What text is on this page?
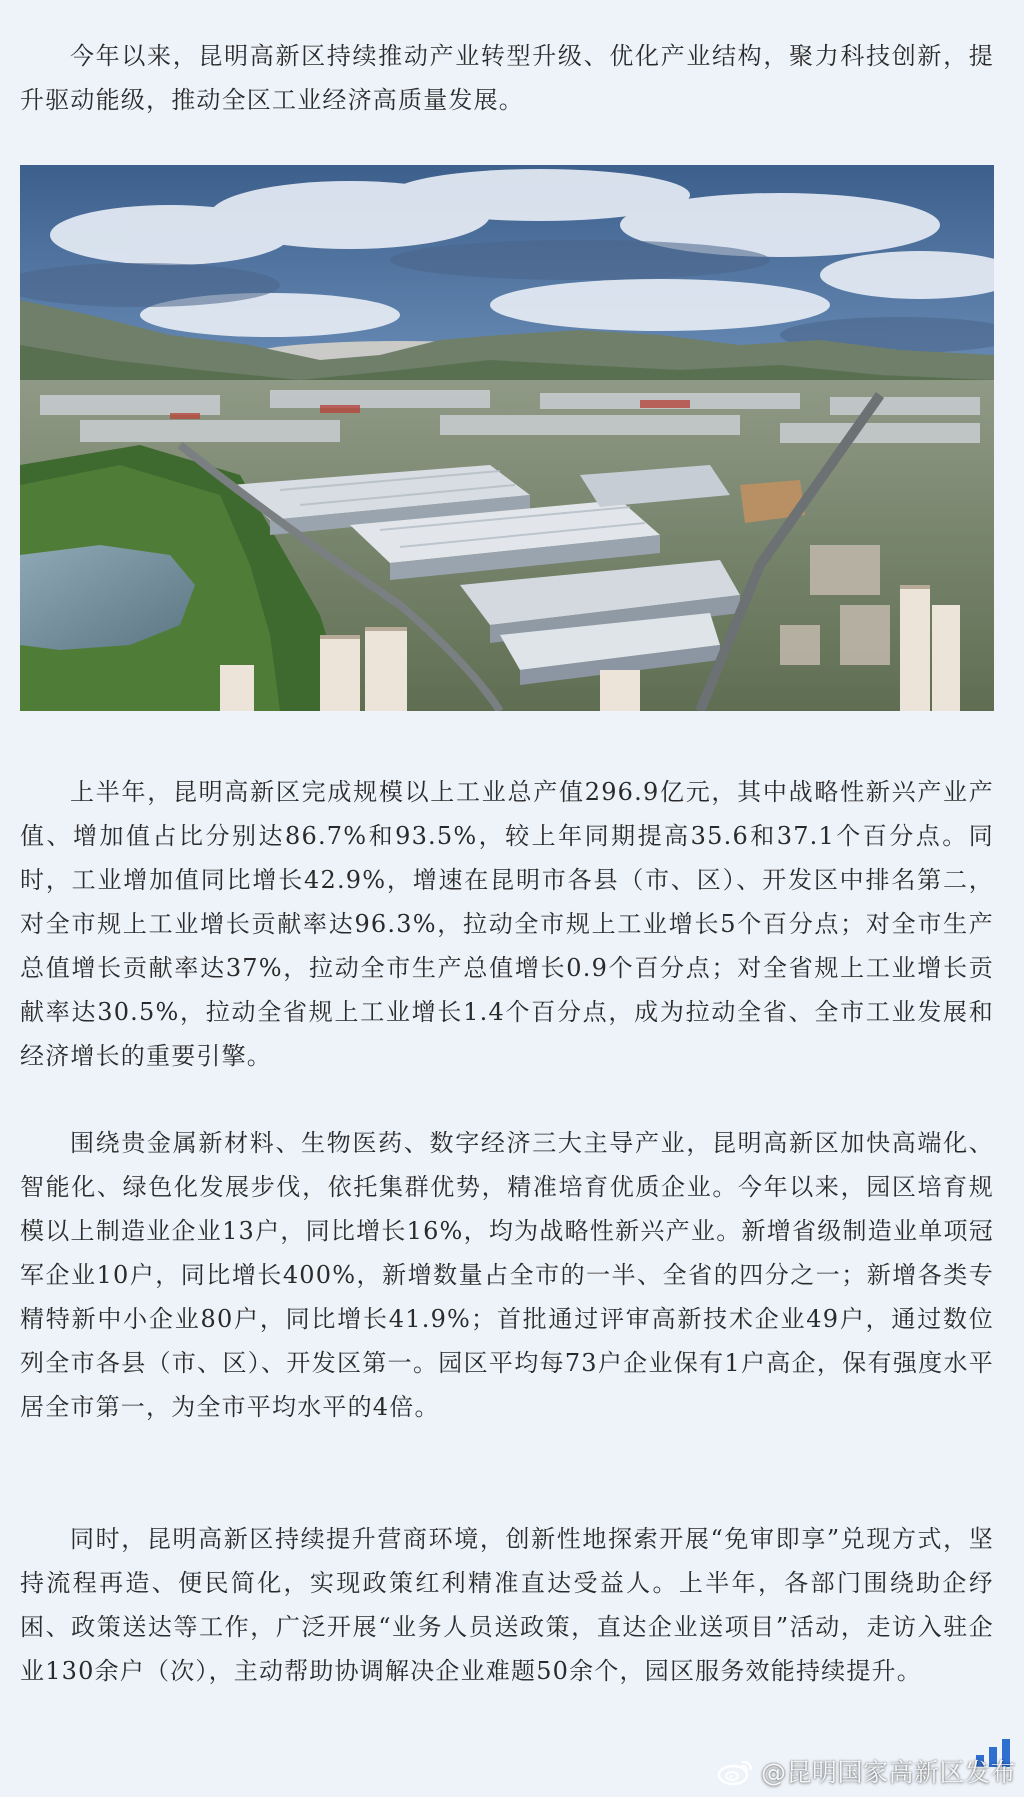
今年以来，昆明高新区持续推动产业转型升级、优化产业结构，聚力科技创新，提升驱动能级，推动全区工业经济高质量发展。

上半年，昆明高新区完成规模以上工业总产值296.9亿元，其中战略性新兴产业产值、增加值占比分别达86.7%和93.5%，较上年同期提高35.6和37.1个百分点。同时，工业增加值同比增长42.9%，增速在昆明市各县（市、区）、开发区中排名第二，对全市规上工业增长贡献率达96.3%，拉动全市规上工业增长5个百分点；对全市生产总值增长贡献率达37%，拉动全市生产总值增长0.9个百分点；对全省规上工业增长贡献率达30.5%，拉动全省规上工业增长1.4个百分点，成为拉动全省、全市工业发展和经济增长的重要引擎。

围绕贵金属新材料、生物医药、数字经济三大主导产业，昆明高新区加快高端化、智能化、绿色化发展步伐，依托集群优势，精准培育优质企业。今年以来，园区培育规模以上制造业企业13户，同比增长16%，均为战略性新兴产业。新增省级制造业单项冠军企业10户，同比增长400%，新增数量占全市的一半、全省的四分之一；新增各类专精特新中小企业80户，同比增长41.9%；首批通过评审高新技术企业49户，通过数位列全市各县（市、区）、开发区第一。园区平均每73户企业保有1户高企，保有强度水平居全市第一，为全市平均水平的4倍。

同时，昆明高新区持续提升营商环境，创新性地探索开展“免审即享”兑现方式，坚持流程再造、便民简化，实现政策红利精准直达受益人。上半年，各部门围绕助企纾困、政策送达等工作，广泛开展“业务人员送政策，直达企业送项目”活动，走访入驻企业130余户（次），主动帮助协调解决企业难题50余个，园区服务效能持续提升。

@昆明国家高新区发布
